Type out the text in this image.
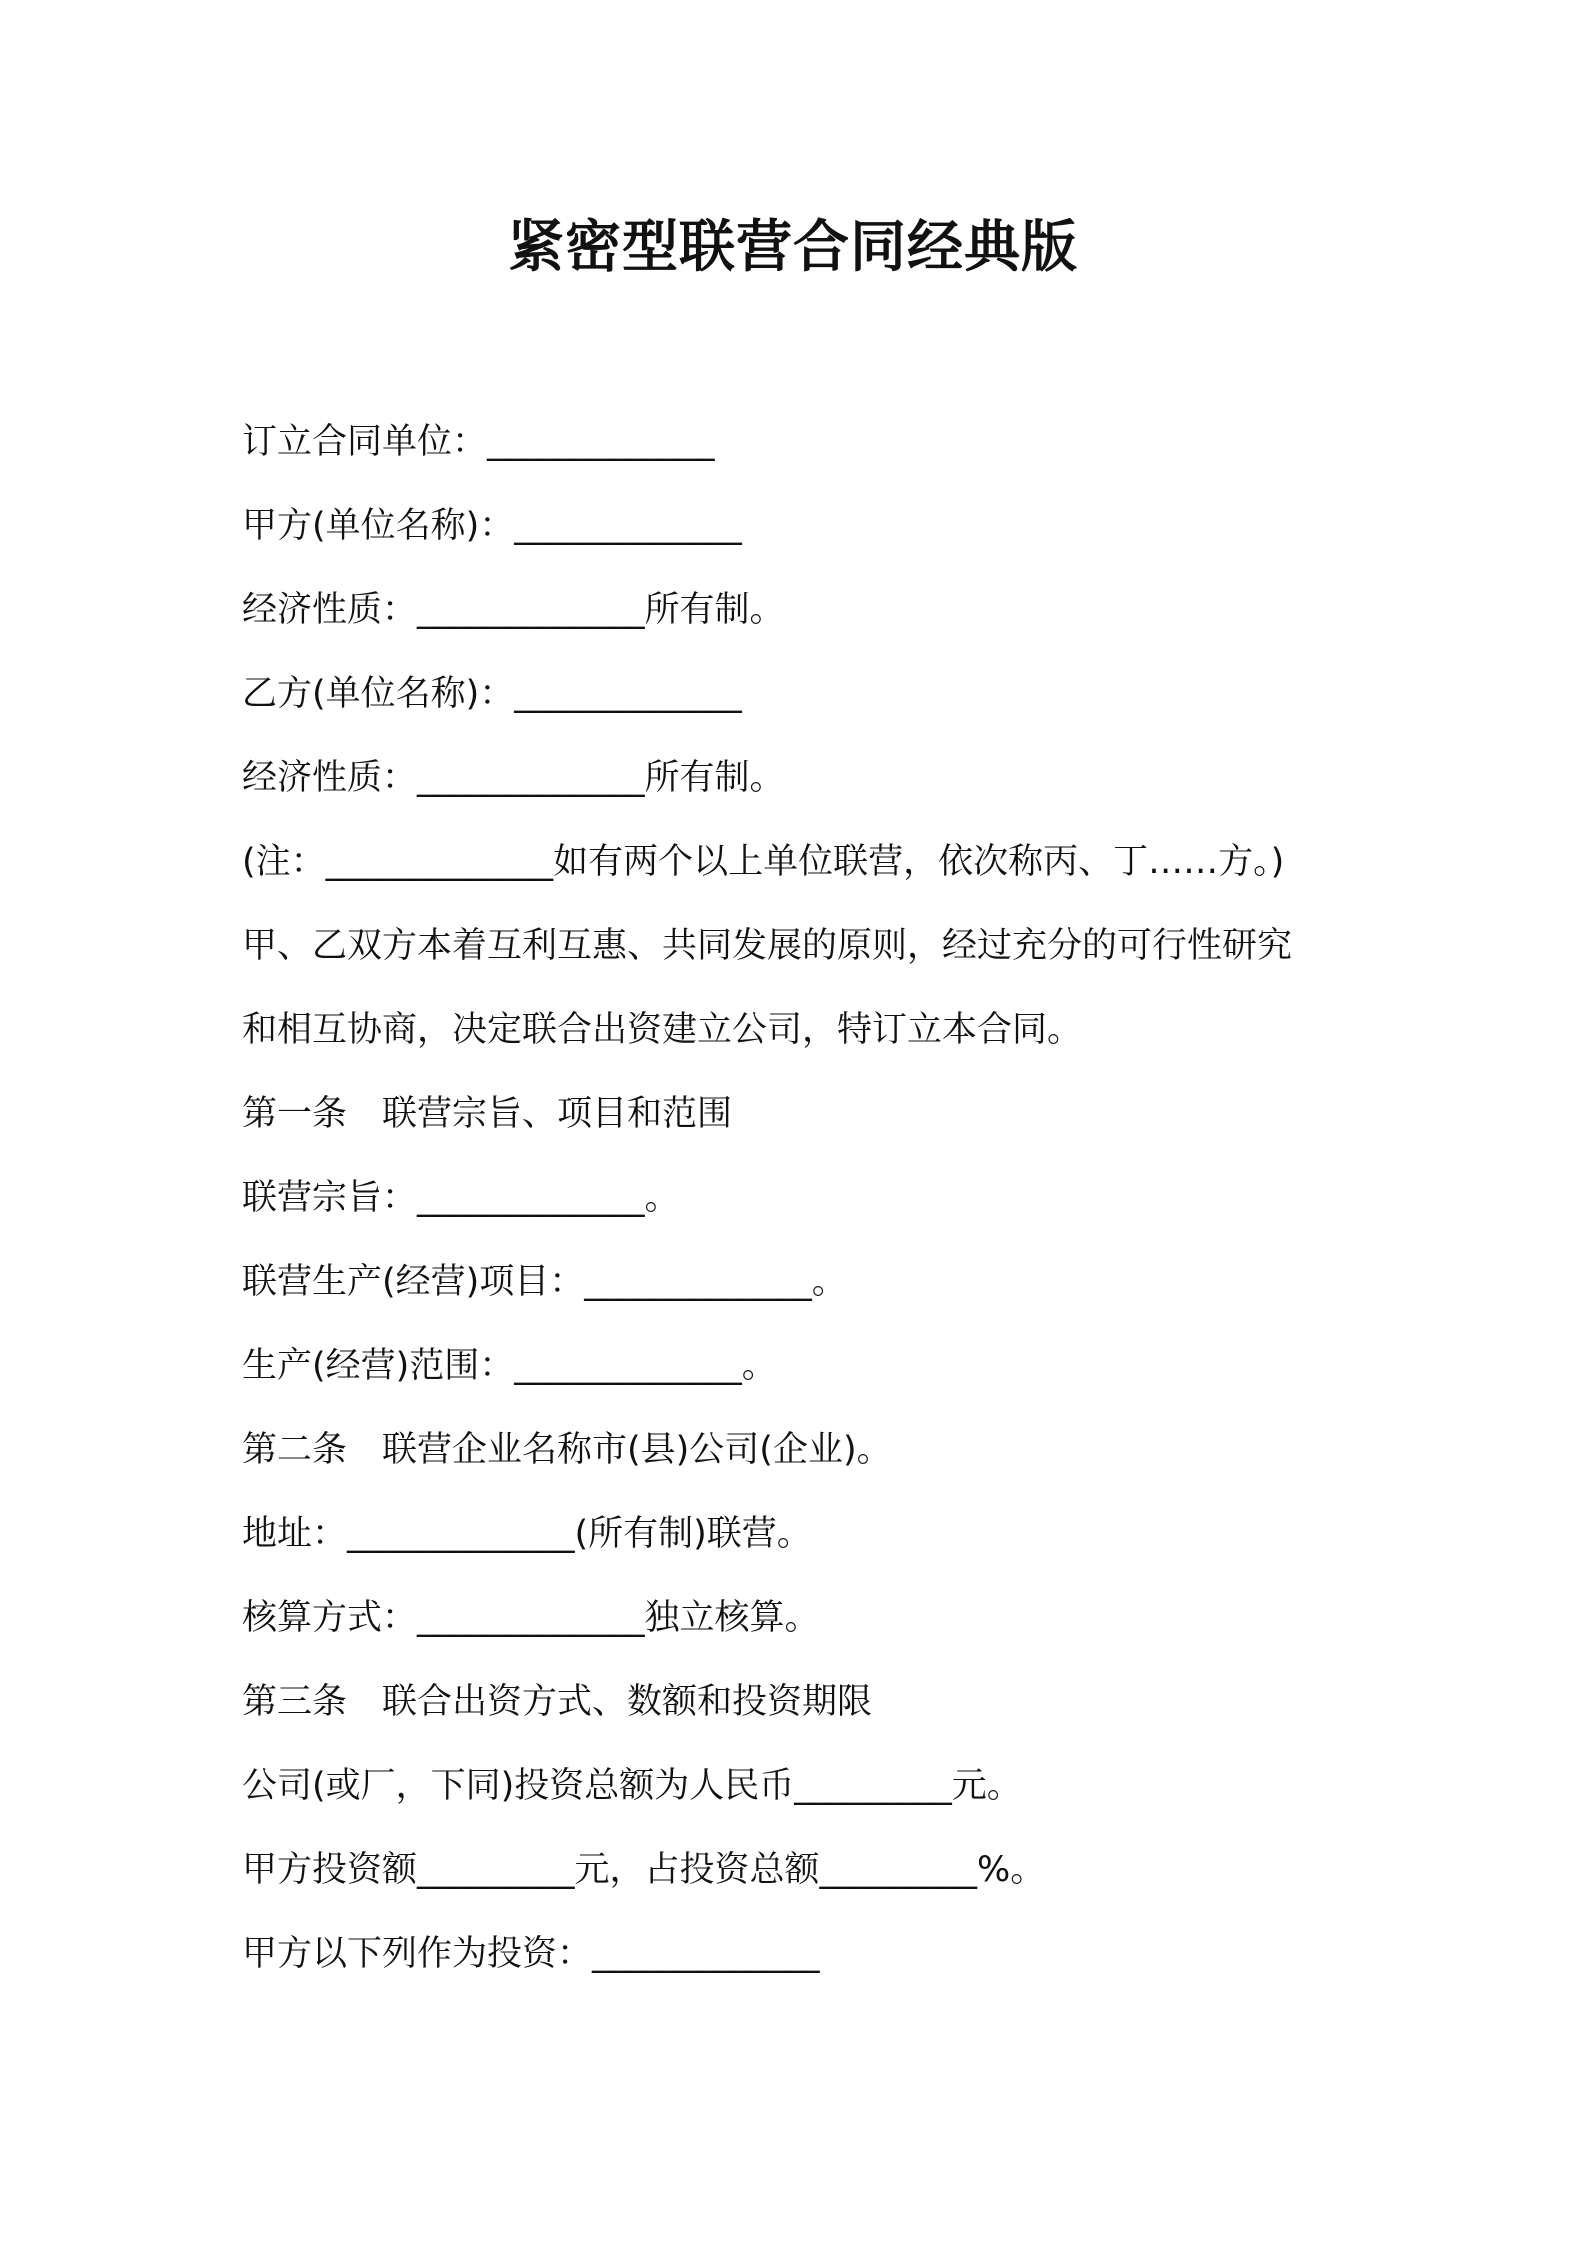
紧密型联营合同经典版
订立合同单位：_____________
甲方(单位名称)：_____________
经济性质：_____________所有制。
乙方(单位名称)：_____________
经济性质：_____________所有制。
(注：_____________如有两个以上单位联营，依次称丙、丁……方。)
甲、乙双方本着互利互惠、共同发展的原则，经过充分的可行性研究
和相互协商，决定联合出资建立公司，特订立本合同。
第一条　联营宗旨、项目和范围
联营宗旨：_____________。
联营生产(经营)项目：_____________。
生产(经营)范围：_____________。
第二条　联营企业名称市(县)公司(企业)。
地址：_____________(所有制)联营。
核算方式：_____________独立核算。
第三条　联合出资方式、数额和投资期限
公司(或厂，下同)投资总额为人民币_________元。
甲方投资额_________元，占投资总额_________%。
甲方以下列作为投资：_____________
